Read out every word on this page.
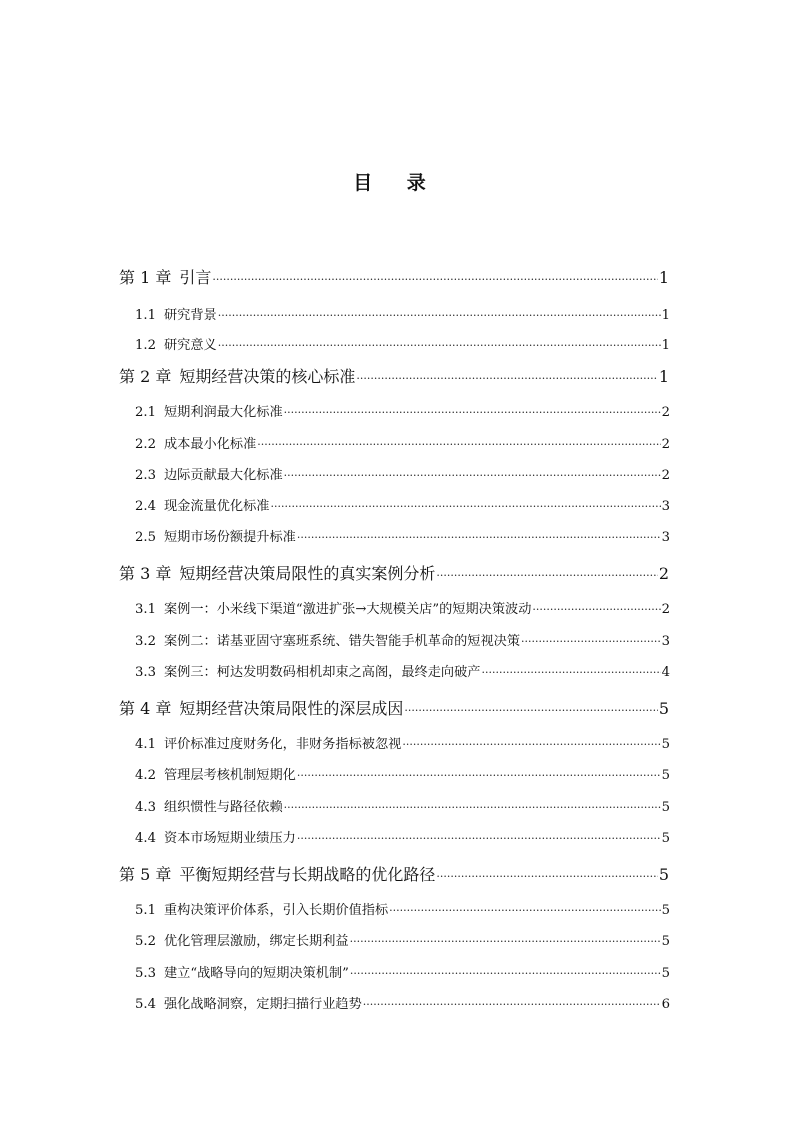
目 录
第 1 章 引言 ·····	1
1.1 研究背景 ·····	1
1.2 研究意义 ·····	1
第 2 章 短期经营决策的核心标准 ·····	1
2.1 短期利润最大化标准 ·····	2
2.2 成本最小化标准 ·····	2
2.3 边际贡献最大化标准 ·····	2
2.4 现金流量优化标准 ·····	3
2.5 短期市场份额提升标准 ·····	3
第 3 章 短期经营决策局限性的真实案例分析 ·····	2
3.1 案例一：小米线下渠道“激进扩张→大规模关店”的短期决策波动 ·····	2
3.2 案例二：诺基亚固守塞班系统、错失智能手机革命的短视决策 ·····	3
3.3 案例三：柯达发明数码相机却束之高阁，最终走向破产 ·····	4
第 4 章 短期经营决策局限性的深层成因 ·····	5
4.1 评价标准过度财务化，非财务指标被忽视 ·····	5
4.2 管理层考核机制短期化 ·····	5
4.3 组织惯性与路径依赖 ·····	5
4.4 资本市场短期业绩压力 ·····	5
第 5 章 平衡短期经营与长期战略的优化路径 ·····	5
5.1 重构决策评价体系，引入长期价值指标 ·····	5
5.2 优化管理层激励，绑定长期利益 ·····	5
5.3 建立“战略导向的短期决策机制” ·····	5
5.4 强化战略洞察，定期扫描行业趋势 ·····	6
